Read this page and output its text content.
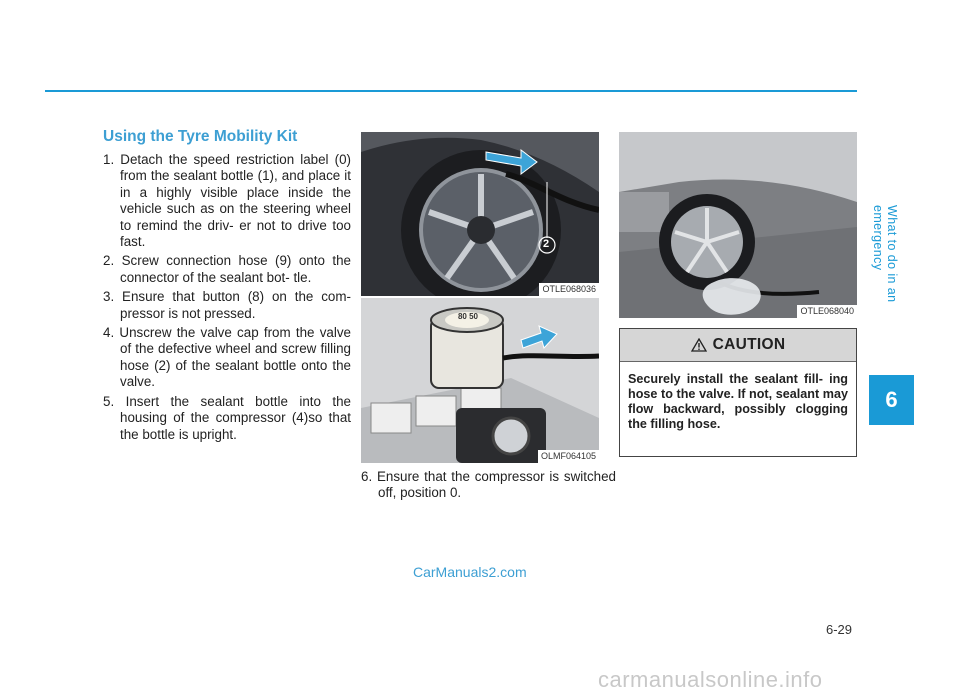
Using the Tyre Mobility Kit
1. Detach the speed restriction label (0) from the sealant bottle (1), and place it in a highly visible place inside the vehicle such as on the steering wheel to remind the driv- er not to drive too fast.
2. Screw connection hose (9) onto the connector of the sealant bot- tle.
3. Ensure that button (8) on the com- pressor is not pressed.
4. Unscrew the valve cap from the valve of the defective wheel and screw filling hose (2) of the sealant bottle onto the valve.
5. Insert the sealant bottle into the housing of the compressor (4)so that the bottle is upright.
2
OTLE068036
80 50
OLMF064105

6. Ensure that the compressor is switched off, position 0.

OTLE068040
CAUTION

Securely install the sealant fill- ing hose to the valve. If not, sealant may flow backward, possibly clogging the filling hose.

What to do in an emergency
6
6-29
CarManuals2.com
carmanualsonline.info
